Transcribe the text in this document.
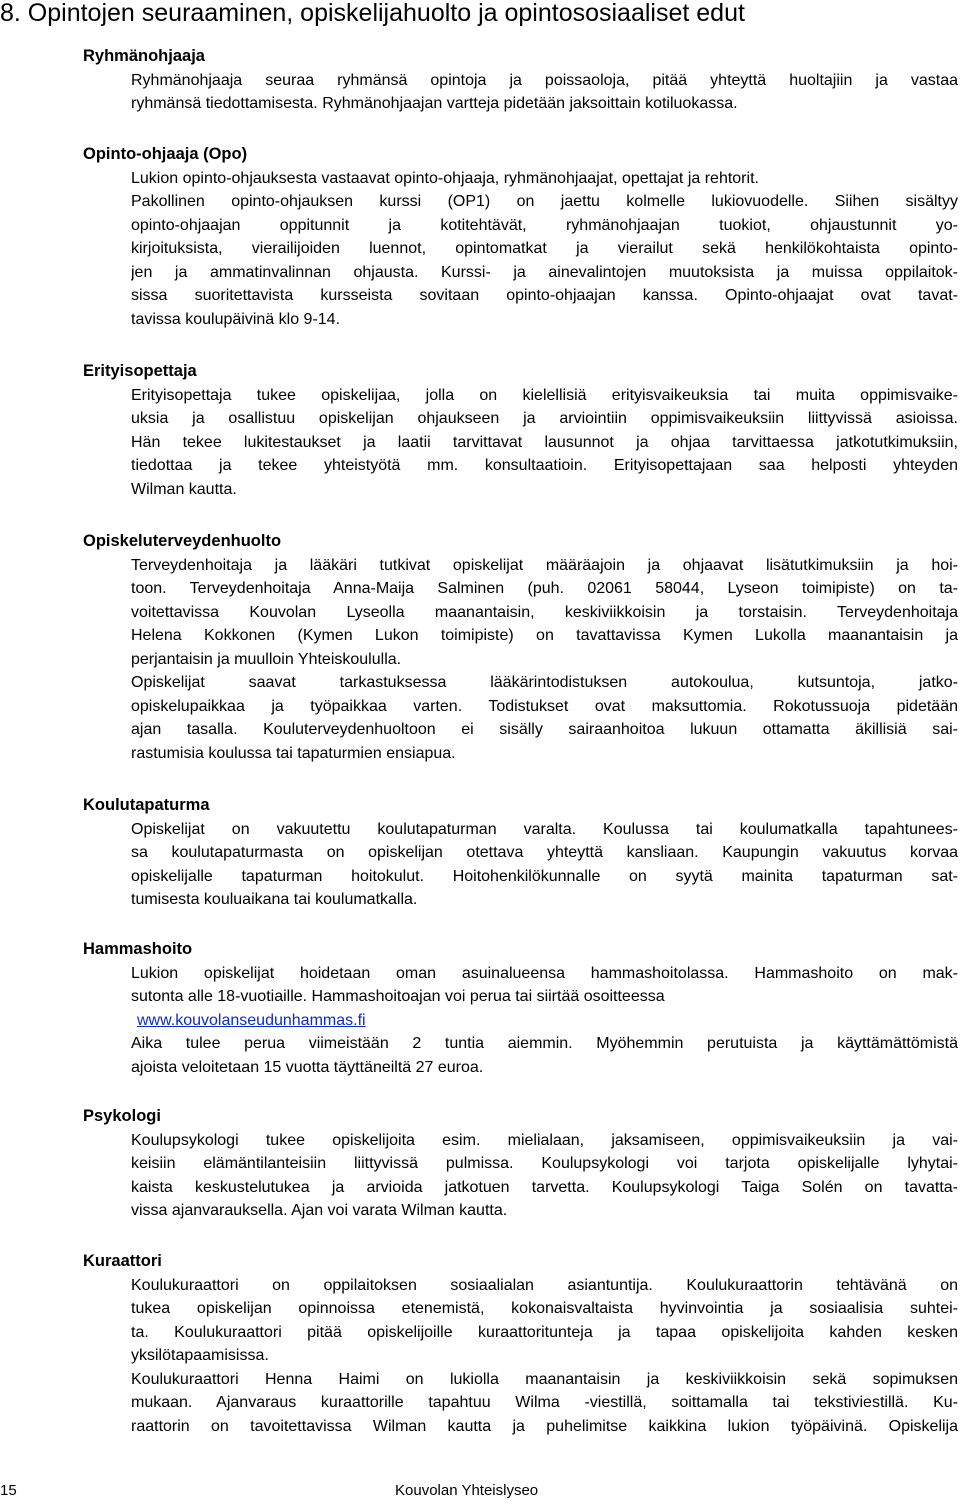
8. Opintojen seuraaminen, opiskelijahuolto ja opintososiaaliset edut
Ryhmänohjaaja
Ryhmänohjaaja seuraa ryhmänsä opintoja ja poissaoloja, pitää yhteyttä huoltajiin ja vastaa
ryhmänsä tiedottamisesta. Ryhmänohjaajan vartteja pidetään jaksoittain kotiluokassa.
Opinto-ohjaaja (Opo)
Lukion opinto-ohjauksesta vastaavat opinto-ohjaaja, ryhmänohjaajat, opettajat ja rehtorit.
Pakollinen opinto-ohjauksen kurssi (OP1) on jaettu kolmelle lukiovuodelle. Siihen sisältyy
opinto-ohjaajan oppitunnit ja kotitehtävät, ryhmänohjaajan tuokiot, ohjaustunnit yo-
kirjoituksista, vierailijoiden luennot, opintomatkat ja vierailut sekä henkilökohtaista opinto-
jen ja ammatinvalinnan ohjausta. Kurssi- ja ainevalintojen muutoksista ja muissa oppilaitok-
sissa suoritettavista kursseista sovitaan opinto-ohjaajan kanssa. Opinto-ohjaajat ovat tavat-
tavissa koulupäivinä klo 9-14.
Erityisopettaja
Erityisopettaja tukee opiskelijaa, jolla on kielellisiä erityisvaikeuksia tai muita oppimisvaike-
uksia ja osallistuu opiskelijan ohjaukseen ja arviointiin oppimisvaikeuksiin liittyvissä asioissa.
Hän tekee lukitestaukset ja laatii tarvittavat lausunnot ja ohjaa tarvittaessa jatkotutkimuksiin,
tiedottaa ja tekee yhteistyötä mm. konsultaatioin. Erityisopettajaan saa helposti yhteyden
Wilman kautta.
Opiskeluterveydenhuolto
Terveydenhoitaja ja lääkäri tutkivat opiskelijat määräajoin ja ohjaavat lisätutkimuksiin ja hoi-
toon. Terveydenhoitaja Anna-Maija Salminen (puh. 02061 58044, Lyseon toimipiste) on ta-
voitettavissa Kouvolan Lyseolla maanantaisin, keskiviikkoisin ja torstaisin. Terveydenhoitaja
Helena Kokkonen (Kymen Lukon toimipiste) on tavattavissa Kymen Lukolla maanantaisin ja
perjantaisin ja muulloin Yhteiskoululla.
Opiskelijat saavat tarkastuksessa lääkärintodistuksen autokoulua, kutsuntoja, jatko-
opiskelupaikkaa ja työpaikkaa varten. Todistukset ovat maksuttomia. Rokotussuoja pidetään
ajan tasalla. Kouluterveydenhuoltoon ei sisälly sairaanhoitoa lukuun ottamatta äkillisiä sai-
rastumisia koulussa tai tapaturmien ensiapua.
Koulutapaturma
Opiskelijat on vakuutettu koulutapaturman varalta. Koulussa tai koulumatkalla tapahtunees-
sa koulutapaturmasta on opiskelijan otettava yhteyttä kansliaan. Kaupungin vakuutus korvaa
opiskelijalle tapaturman hoitokulut. Hoitohenkilökunnalle on syytä mainita tapaturman sat-
tumisesta kouluaikana tai koulumatkalla.
Hammashoito
Lukion opiskelijat hoidetaan oman asuinalueensa hammashoitolassa. Hammashoito on mak-
sutonta alle 18-vuotiaille. Hammashoitoajan voi perua tai siirtää osoitteessa
www.kouvolanseudunhammas.fi
Aika tulee perua viimeistään 2 tuntia aiemmin. Myöhemmin perutuista ja käyttämättömistä
ajoista veloitetaan 15 vuotta täyttäneiltä 27 euroa.
Psykologi
Koulupsykologi tukee opiskelijoita esim. mielialaan, jaksamiseen, oppimisvaikeuksiin ja vai-
keisiin elämäntilanteisiin liittyvissä pulmissa. Koulupsykologi voi tarjota opiskelijalle lyhytai-
kaista keskustelutukea ja arvioida jatkotuen tarvetta. Koulupsykologi Taiga Solén on tavatta-
vissa ajanvarauksella. Ajan voi varata Wilman kautta.
Kuraattori
Koulukuraattori on oppilaitoksen sosiaalialan asiantuntija. Koulukuraattorin tehtävänä on
tukea opiskelijan opinnoissa etenemistä, kokonaisvaltaista hyvinvointia ja sosiaalisia suhtei-
ta. Koulukuraattori pitää opiskelijoille kuraattoritunteja ja tapaa opiskelijoita kahden kesken
yksilötapaamisissa.
Koulukuraattori Henna Haimi on lukiolla maanantaisin ja keskiviikkoisin sekä sopimuksen
mukaan. Ajanvaraus kuraattorille tapahtuu Wilma -viestillä, soittamalla tai tekstiviestillä. Ku-
raattorin on tavoitettavissa Wilman kautta ja puhelimitse kaikkina lukion työpäivinä. Opiskelija
15	Kouvolan Yhteislyseo
